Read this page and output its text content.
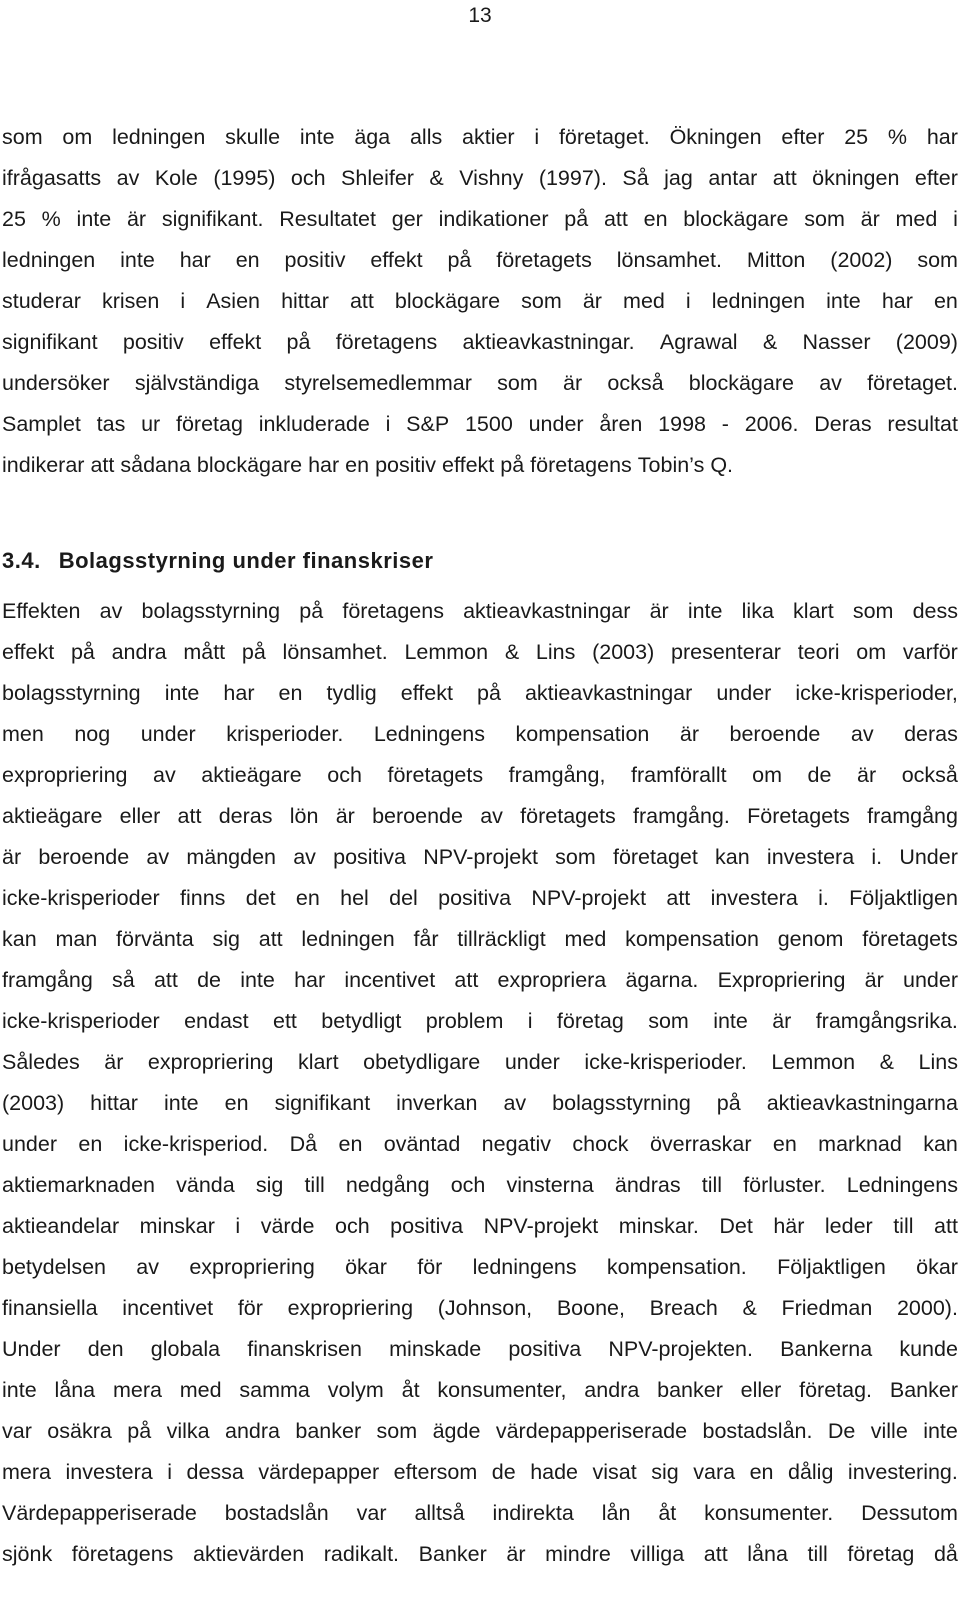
13
som om ledningen skulle inte äga alls aktier i företaget. Ökningen efter 25 % har
ifrågasatts av Kole (1995) och Shleifer & Vishny (1997). Så jag antar att ökningen efter
25 % inte är signifikant. Resultatet ger indikationer på att en blockägare som är med i
ledningen inte har en positiv effekt på företagets lönsamhet. Mitton (2002) som
studerar krisen i Asien hittar att blockägare som är med i ledningen inte har en
signifikant positiv effekt på företagens aktieavkastningar. Agrawal & Nasser (2009)
undersöker självständiga styrelsemedlemmar som är också blockägare av företaget.
Samplet tas ur företag inkluderade i S&P 1500 under åren 1998 - 2006. Deras resultat
indikerar att sådana blockägare har en positiv effekt på företagens Tobin’s Q.
3.4. Bolagsstyrning under finanskriser
Effekten av bolagsstyrning på företagens aktieavkastningar är inte lika klart som dess
effekt på andra mått på lönsamhet. Lemmon & Lins (2003) presenterar teori om varför
bolagsstyrning inte har en tydlig effekt på aktieavkastningar under icke-krisperioder,
men nog under krisperioder. Ledningens kompensation är beroende av deras
expropriering av aktieägare och företagets framgång, framförallt om de är också
aktieägare eller att deras lön är beroende av företagets framgång. Företagets framgång
är beroende av mängden av positiva NPV-projekt som företaget kan investera i. Under
icke-krisperioder finns det en hel del positiva NPV-projekt att investera i. Följaktligen
kan man förvänta sig att ledningen får tillräckligt med kompensation genom företagets
framgång så att de inte har incentivet att expropriera ägarna. Expropriering är under
icke-krisperioder endast ett betydligt problem i företag som inte är framgångsrika.
Således är expropriering klart obetydligare under icke-krisperioder. Lemmon & Lins
(2003) hittar inte en signifikant inverkan av bolagsstyrning på aktieavkastningarna
under en icke-krisperiod. Då en oväntad negativ chock överraskar en marknad kan
aktiemarknaden vända sig till nedgång och vinsterna ändras till förluster. Ledningens
aktieandelar minskar i värde och positiva NPV-projekt minskar. Det här leder till att
betydelsen av expropriering ökar för ledningens kompensation. Följaktligen ökar
finansiella incentivet för expropriering (Johnson, Boone, Breach & Friedman 2000).
Under den globala finanskrisen minskade positiva NPV-projekten. Bankerna kunde
inte låna mera med samma volym åt konsumenter, andra banker eller företag. Banker
var osäkra på vilka andra banker som ägde värdepapperiserade bostadslån. De ville inte
mera investera i dessa värdepapper eftersom de hade visat sig vara en dålig investering.
Värdepapperiserade bostadslån var alltså indirekta lån åt konsumenter. Dessutom
sjönk företagens aktievärden radikalt. Banker är mindre villiga att låna till företag då
